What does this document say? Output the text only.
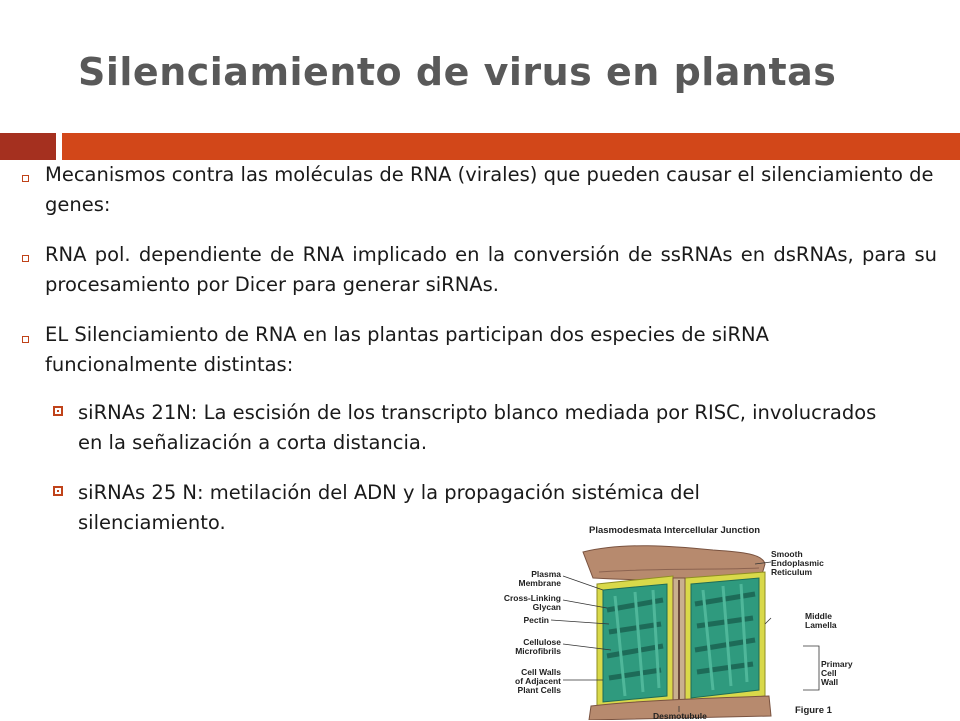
Silenciamiento de virus en plantas
Mecanismos contra las moléculas de RNA (virales) que pueden causar el silenciamiento de genes:
RNA pol. dependiente de RNA implicado en la conversión de ssRNAs en dsRNAs, para su procesamiento por Dicer para generar siRNAs.
EL Silenciamiento de RNA en las plantas participan dos especies de siRNA funcionalmente distintas:
siRNAs 21N: La escisión de los transcripto blanco mediada por RISC, involucrados en la señalización a corta distancia.
siRNAs 25 N: metilación del ADN y la propagación sistémica del silenciamiento.	Plasmodesmata Intercellular Junction
Plasma
Membrane
Cross-Linking
Glycan
Pectin
Cellulose
Microfibrils
Cell Walls
of Adjacent
Plant Cells
Smooth
Endoplasmic
Reticulum
Middle
Lamella
Primary
Cell
Wall
Desmotubule	Figure 1
